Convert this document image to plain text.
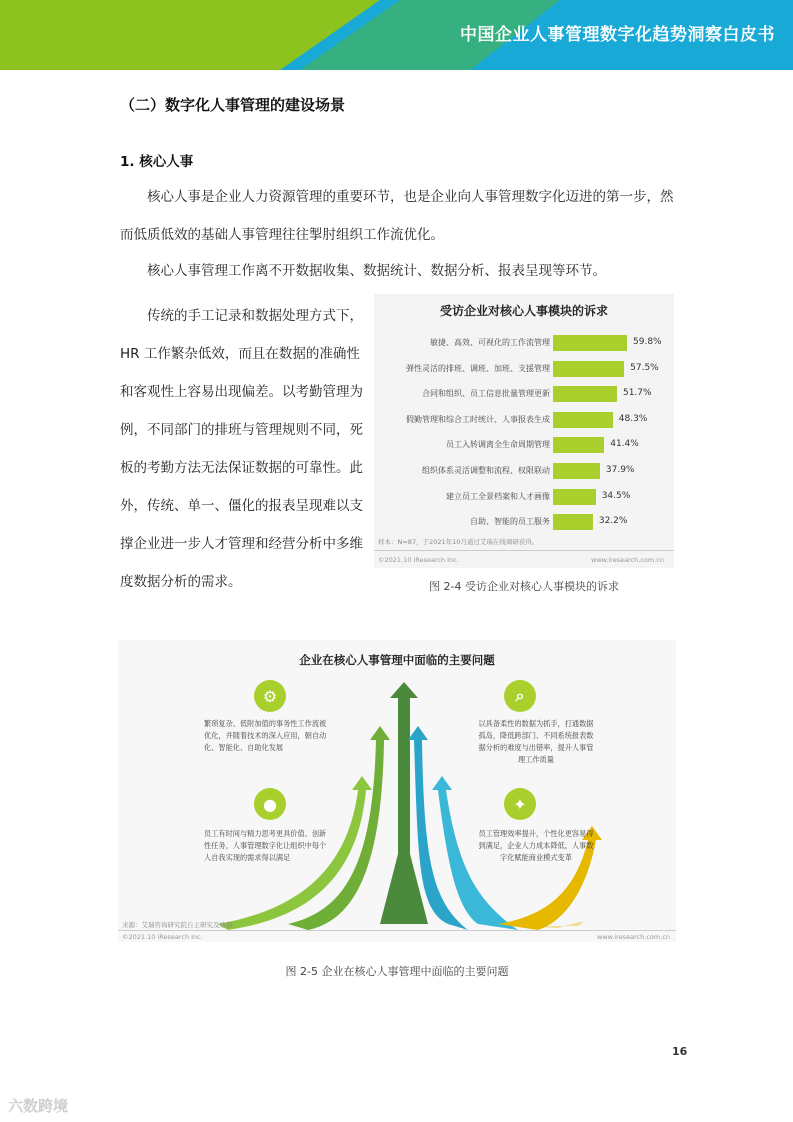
中国企业人事管理数字化趋势洞察白皮书
（二）数字化人事管理的建设场景
1. 核心人事
核心人事是企业人力资源管理的重要环节，也是企业向人事管理数字化迈进的第一步，然而低质低效的基础人事管理往往掣肘组织工作流优化。
核心人事管理工作离不开数据收集、数据统计、数据分析、报表呈现等环节。
传统的手工记录和数据处理方式下，HR 工作繁杂低效，而且在数据的准确性和客观性上容易出现偏差。以考勤管理为例，不同部门的排班与管理规则不同，死板的考勤方法无法保证数据的可靠性。此外，传统、单一、僵化的报表呈现难以支撑企业进一步人才管理和经营分析中多维度数据分析的需求。
受访企业对核心人事模块的诉求
敏捷、高效、可视化的工作流管理	59.8%
弹性灵活的排班、调班、加班、支援管理	57.5%
合同和组织、员工信息批量管理更新	51.7%
假勤管理和综合工时统计、人事报表生成	48.3%
员工入转调离全生命周期管理	41.4%
组织体系灵活调整和流程、权限联动	37.9%
建立员工全景档案和人才画像	34.5%
自助、智能的员工服务	32.2%
样本：N=87，于2021年10月通过艾瑞在线调研获得。
©2021.10 iResearch Inc.	www.iresearch.com.cn
图 2-4 受访企业对核心人事模块的诉求
企业在核心人事管理中面临的主要问题
⚙	⌕
●	✦
繁琐复杂、低附加值的事务性工作流被
优化，并随着技术的深入应用，朝自动
化、智能化、自助化发展
以具备柔性的数据为抓手，打通数据
孤岛，降低跨部门、不同系统报表数
据分析的难度与出错率，提升人事管
理工作质量
员工有时间与精力思考更具价值、创新
性任务，人事管理数字化让组织中每个
人自我实现的需求得以满足
员工管理效率提升，个性化更容易得
到满足，企业人力成本降低，人事数
字化赋能商业模式变革
来源：艾瑞咨询研究院自主研究及绘制。
©2021.10 iResearch Inc.	www.iresearch.com.cn
图 2-5 企业在核心人事管理中面临的主要问题
16
六数跨境
